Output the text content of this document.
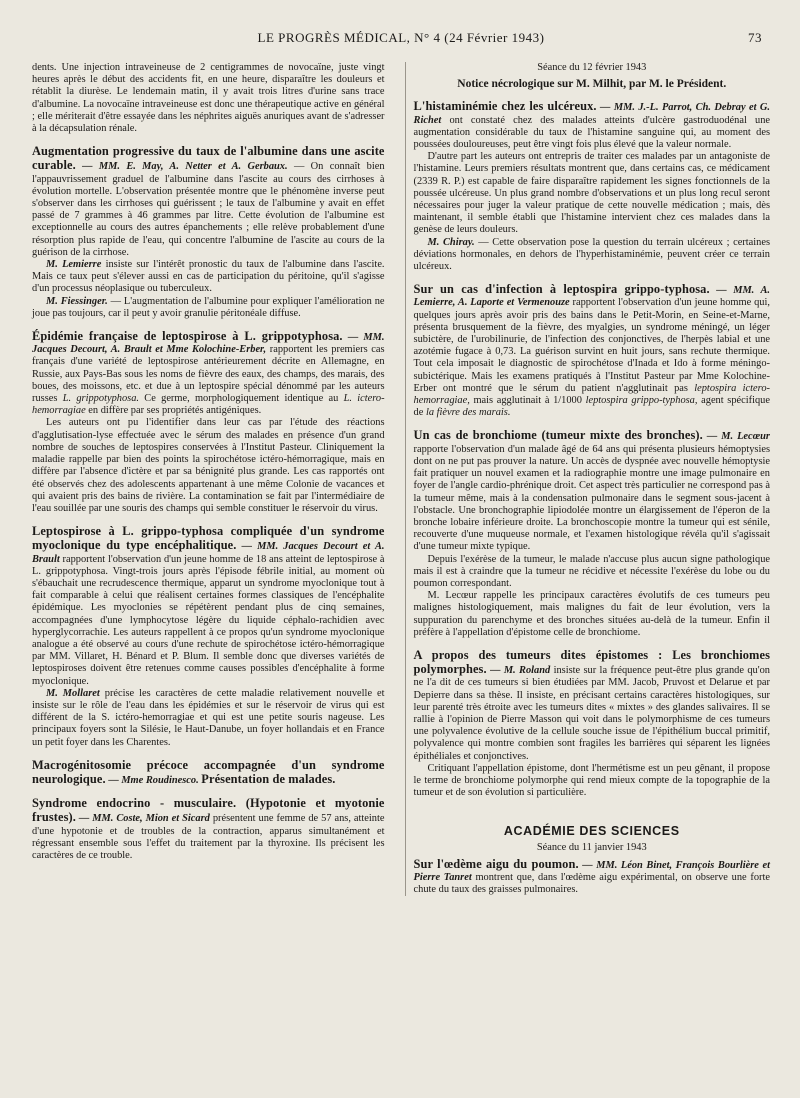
LE PROGRÈS MÉDICAL, N° 4 (24 Février 1943)	73

dents. Une injection intraveineuse de 2 centigrammes de novocaïne, juste vingt heures après le début des accidents fit, en une heure, disparaître les douleurs et rétablit la diurèse. Le lendemain matin, il y avait trois litres d'urine sans trace d'albumine. La novocaïne intraveineuse est donc une thérapeutique active en général ; elle mériterait d'être essayée dans les néphrites aiguës anuriques avant de s'adresser à la décapsulation rénale.

Augmentation progressive du taux de l'albumine dans une ascite curable. — MM. E. May, A. Netter et A. Gerbaux. — On connaît bien l'appauvrissement graduel de l'albumine dans l'ascite au cours des cirrhoses à évolution mortelle. L'observation présentée montre que le phénomène inverse peut s'observer dans les cirrhoses qui guérissent ; le taux de l'albumine y avait en effet passé de 7 grammes à 46 grammes par litre. Cette évolution de l'albumine est exceptionnelle au cours des autres épanchements ; elle relève probablement d'une résorption plus rapide de l'eau, qui concentre l'albumine de l'ascite au cours de la guérison de la cirrhose.

M. Lemierre insiste sur l'intérêt pronostic du taux de l'albumine dans l'ascite. Mais ce taux peut s'élever aussi en cas de participation du péritoine, qu'il s'agisse d'un processus néoplasique ou tuberculeux.

M. Fiessinger. — L'augmentation de l'albumine pour expliquer l'amélioration ne joue pas toujours, car il peut y avoir granulie péritonéale diffuse.

Épidémie française de leptospirose à L. grippotyphosa. — MM. Jacques Decourt, A. Brault et Mme Kolochine-Erber, rapportent les premiers cas français d'une variété de leptospirose antérieurement décrite en Allemagne, en Russie, aux Pays-Bas sous les noms de fièvre des eaux, des champs, des marais, des boues, des moissons, etc. et due à un leptospire spécial dénommé par les auteurs russes L. grippotyphosa. Ce germe, morphologiquement identique au L. ictero-hemorragiae en diffère par ses propriétés antigéniques.

Les auteurs ont pu l'identifier dans leur cas par l'étude des réactions d'agglutisation-lyse effectuée avec le sérum des malades en présence d'un grand nombre de souches de leptospires conservées à l'Institut Pasteur. Cliniquement la maladie rappelle par bien des points la spirochétose ictéro-hémorragique, mais en diffère par l'absence d'ictère et par sa bénignité plus grande. Les cas rapportés ont été observés chez des adolescents appartenant à une même Colonie de vacances et qui avaient pris des bains de rivière. La contamination se fait par l'intermédiaire de l'eau souillée par une souris des champs qui semble constituer le réservoir du virus.

Leptospirose à L. grippo-typhosa compliquée d'un syndrome myoclonique du type encéphalitique. — MM. Jacques Decourt et A. Brault rapportent l'observation d'un jeune homme de 18 ans atteint de leptospirose à L. grippotyphosa. Vingt-trois jours après l'épisode fébrile initial, au moment où s'ébauchait une recrudescence thermique, apparut un syndrome myoclonique tout à fait comparable à celui que réalisent certaines formes classiques de l'encéphalite épidémique. Les myoclonies se répétèrent pendant plus de cinq semaines, accompagnées d'une lymphocytose légère du liquide céphalo-rachidien avec hyperglycorrachie. Les auteurs rappellent à ce propos qu'un syndrome myoclonique analogue a été observé au cours d'une rechute de spirochétose ictéro-hémorragique par MM. Villaret, H. Bénard et P. Blum. Il semble donc que diverses variétés de leptospiroses doivent être retenues comme causes possibles d'encéphalite à forme myoclonique.

M. Mollaret précise les caractères de cette maladie relativement nouvelle et insiste sur le rôle de l'eau dans les épidémies et sur le réservoir de virus qui est différent de la S. ictéro-hemorragiae et qui est une petite souris nageuse. Les principaux foyers sont la Silésie, le Haut-Danube, un foyer hollandais et en France un petit foyer dans les Charentes.

Macrogénitosomie précoce accompagnée d'un syndrome neurologique. — Mme Roudinesco. Présentation de malades.

Syndrome endocrino - musculaire. (Hypotonie et myotonie frustes). — MM. Coste, Mion et Sicard présentent une femme de 57 ans, atteinte d'une hypotonie et de troubles de la contraction, apparus simultanément et régressant ensemble sous l'effet du traitement par la thyroxine. Ils précisent les caractères de ce trouble.

Séance du 12 février 1943
Notice nécrologique sur M. Milhit, par M. le Président.

L'histaminémie chez les ulcéreux. — MM. J.-L. Parrot, Ch. Debray et G. Richet ont constaté chez des malades atteints d'ulcère gastroduodénal une augmentation considérable du taux de l'histamine sanguine qui, au moment des poussées douloureuses, peut être vingt fois plus élevé que la valeur normale.

D'autre part les auteurs ont entrepris de traiter ces malades par un antagoniste de l'histamine. Leurs premiers résultats montrent que, dans certains cas, ce médicament (2339 R. P.) est capable de faire disparaître rapidement les signes fonctionnels de la poussée ulcéreuse. Un plus grand nombre d'observations et un plus long recul seront nécessaires pour juger la valeur pratique de cette nouvelle médication ; mais, dès maintenant, il semble établi que l'histamine intervient chez ces malades dans la genèse de leurs douleurs.

M. Chiray. — Cette observation pose la question du terrain ulcéreux ; certaines déviations hormonales, en dehors de l'hyperhistaminémie, peuvent créer ce terrain ulcéreux.

Sur un cas d'infection à leptospira grippo-typhosa. — MM. A. Lemierre, A. Laporte et Vermenouze rapportent l'observation d'un jeune homme qui, quelques jours après avoir pris des bains dans le Petit-Morin, en Seine-et-Marne, présenta brusquement de la fièvre, des myalgies, un syndrome méningé, un léger subictère, de l'urobilinurie, de l'infection des conjonctives, de l'herpès labial et une azotémie fugace à 0,73. La guérison survint en huit jours, sans rechute thermique. Tout cela imposait le diagnostic de spirochétose d'Inada et Ido à forme méningo-subictérique. Mais les examens pratiqués à l'Institut Pasteur par Mme Kolochine-Erber ont montré que le sérum du patient n'agglutinait pas leptospira ictero-hemorragiae, mais agglutinait à 1/1000 leptospira grippo-typhosa, agent spécifique de la fièvre des marais.

Un cas de bronchiome (tumeur mixte des bronches). — M. Lecœur rapporte l'observation d'un malade âgé de 64 ans qui présenta plusieurs hémoptysies dont on ne put pas prouver la nature. Un accès de dyspnée avec nouvelle hémoptysie fait pratiquer un nouvel examen et la radiographie montre une image pulmonaire en foyer de l'angle cardio-phrénique droit. Cet aspect très particulier ne correspond pas à la tumeur même, mais à la condensation pulmonaire dans le segment sous-jacent à l'obstacle. Une bronchographie lipiodolée montre un élargissement de l'éperon de la bronche lobaire inférieure droite. La bronchoscopie montre la tumeur qui est sénile, recouverte d'une muqueuse normale, et l'examen histologique révéla qu'il s'agissait d'une tumeur mixte typique.

Depuis l'exérèse de la tumeur, le malade n'accuse plus aucun signe pathologique mais il est à craindre que la tumeur ne récidive et nécessite l'exérèse du lobe ou du poumon correspondant.

M. Lecœur rappelle les principaux caractères évolutifs de ces tumeurs peu malignes histologiquement, mais malignes du fait de leur évolution, vers la suppuration du parenchyme et des bronches situées au-delà de la tumeur. Enfin il préfère à l'appellation d'épistome celle de bronchiome.

A propos des tumeurs dites épistomes : Les bronchiomes polymorphes. — M. Roland insiste sur la fréquence peut-être plus grande qu'on ne l'a dit de ces tumeurs si bien étudiées par MM. Jacob, Pruvost et Delarue et par Depierre dans sa thèse. Il insiste, en précisant certains caractères histologiques, sur leur parenté très étroite avec les tumeurs dites « mixtes » des glandes salivaires. Il se rallie à l'opinion de Pierre Masson qui voit dans le polymorphisme de ces tumeurs une polyvalence évolutive de la cellule souche issue de l'épithélium buccal primitif, polyvalence qui montre combien sont fragiles les barrières qui séparent les lignées épithéliales et conjonctives.

Critiquant l'appellation épistome, dont l'hermétisme est un peu gênant, il propose le terme de bronchiome polymorphe qui rend mieux compte de la topographie de la tumeur et de son évolution si particulière.

ACADÉMIE DES SCIENCES
Séance du 11 janvier 1943

Sur l'œdème aigu du poumon. — MM. Léon Binet, François Bourlière et Pierre Tanret montrent que, dans l'œdème aigu expérimental, on observe une forte chute du taux des graisses pulmonaires.
